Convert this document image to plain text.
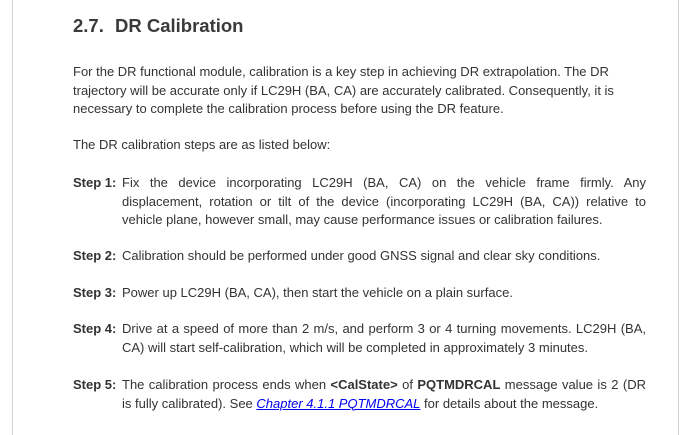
2.7. DR Calibration
For the DR functional module, calibration is a key step in achieving DR extrapolation. The DR trajectory will be accurate only if LC29H (BA, CA) are accurately calibrated. Consequently, it is necessary to complete the calibration process before using the DR feature.
The DR calibration steps are as listed below:
Step 1: Fix the device incorporating LC29H (BA, CA) on the vehicle frame firmly. Any displacement, rotation or tilt of the device (incorporating LC29H (BA, CA)) relative to vehicle plane, however small, may cause performance issues or calibration failures.
Step 2: Calibration should be performed under good GNSS signal and clear sky conditions.
Step 3: Power up LC29H (BA, CA), then start the vehicle on a plain surface.
Step 4: Drive at a speed of more than 2 m/s, and perform 3 or 4 turning movements. LC29H (BA, CA) will start self-calibration, which will be completed in approximately 3 minutes.
Step 5: The calibration process ends when <CalState> of PQTMDRCAL message value is 2 (DR is fully calibrated). See Chapter 4.1.1 PQTMDRCAL for details about the message.
